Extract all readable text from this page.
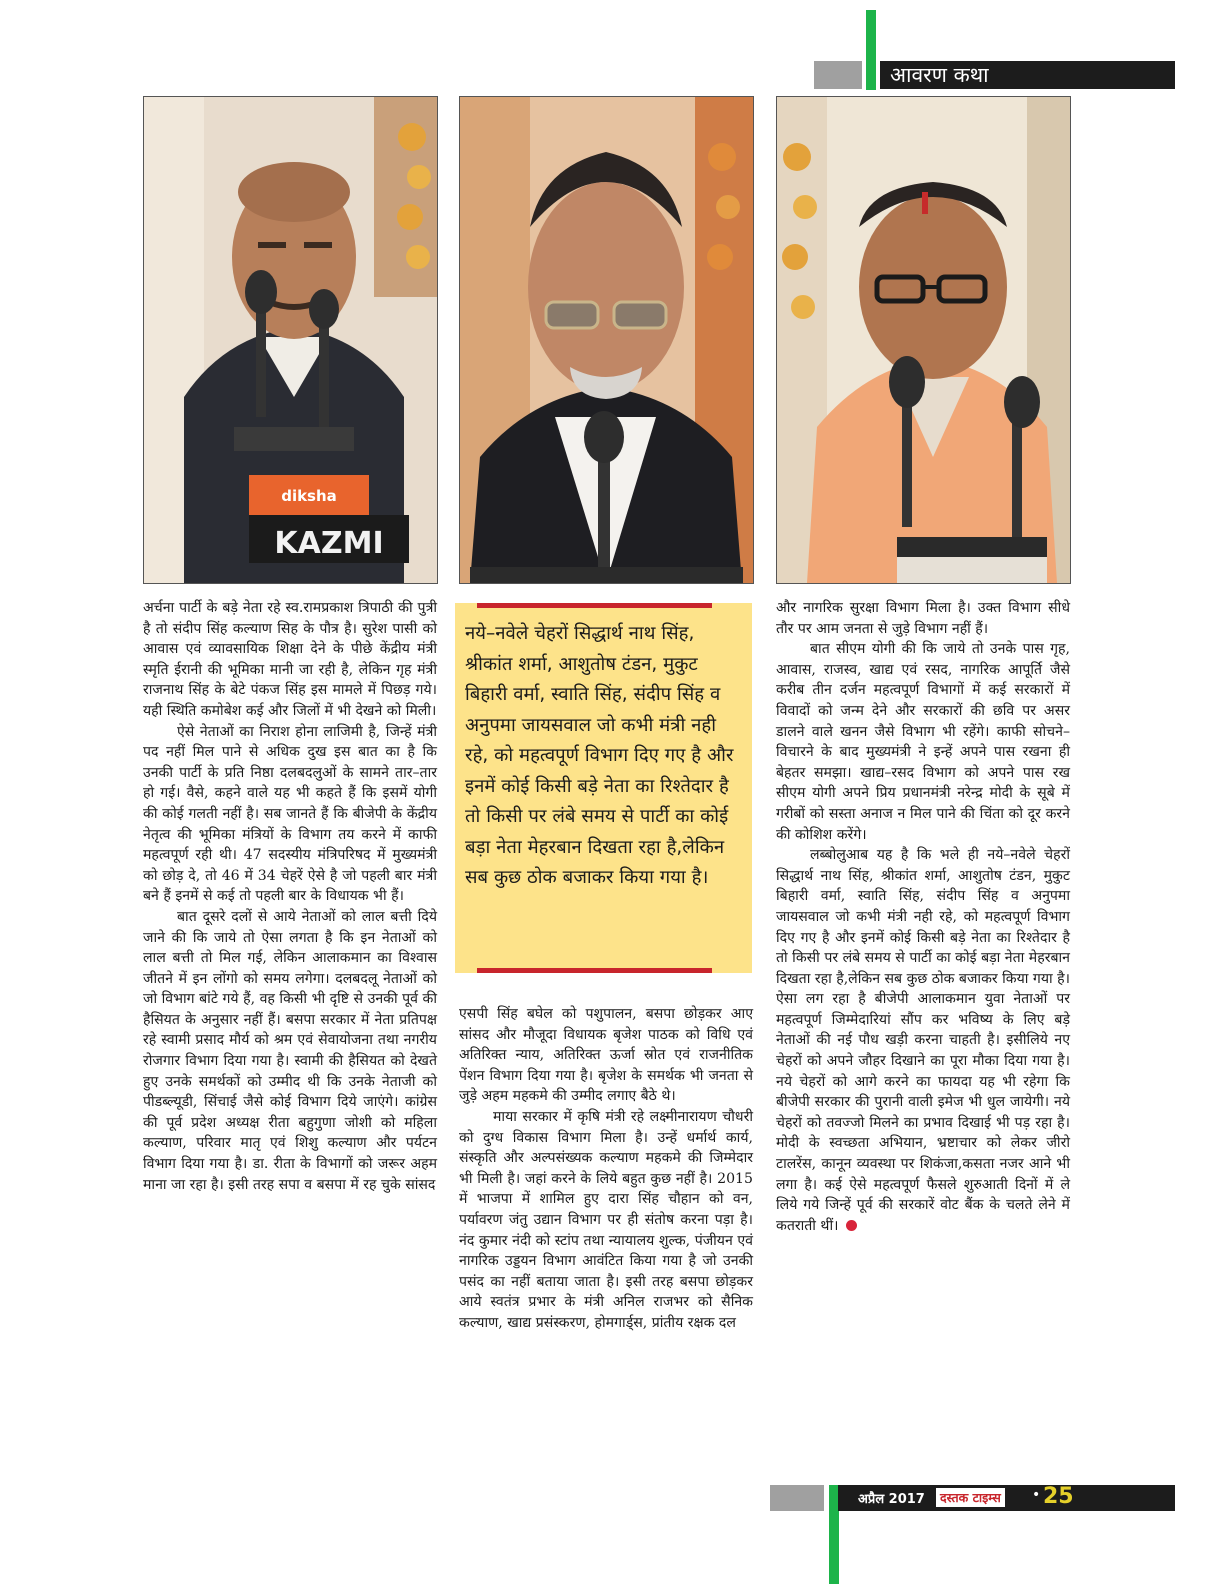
आवरण कथा
diksha
KAZMI

अर्चना पार्टी के बड़े नेता रहे स्व.रामप्रकाश त्रिपाठी की पुत्री है तो संदीप सिंह कल्याण सिह के पौत्र है। सुरेश पासी को आवास एवं व्यावसायिक शिक्षा देने के पीछे केंद्रीय मंत्री स्मृति ईरानी की भूमिका मानी जा रही है, लेकिन गृह मंत्री राजनाथ सिंह के बेटे पंकज सिंह इस मामले में पिछड़ गये। यही स्थिति कमोबेश कई और जिलों में भी देखने को मिली।

ऐसे नेताओं का निराश होना लाजिमी है, जिन्हें मंत्री पद नहीं मिल पाने से अधिक दुख इस बात का है कि उनकी पार्टी के प्रति निष्ठा दलबदलुओं के सामने तार–तार हो गई। वैसे, कहने वाले यह भी कहते हैं कि इसमें योगी की कोई गलती नहीं है। सब जानते हैं कि बीजेपी के केंद्रीय नेतृत्व की भूमिका मंत्रियों के विभाग तय करने में काफी महत्वपूर्ण रही थी। 47 सदस्यीय मंत्रिपरिषद में मुख्यमंत्री को छोड़ दे, तो 46 में 34 चेहरें ऐसे है जो पहली बार मंत्री बने हैं इनमें से कई तो पहली बार के विधायक भी हैं।

बात दूसरे दलों से आये नेताओं को लाल बत्ती दिये जाने की कि जाये तो ऐसा लगता है कि इन नेताओं को लाल बत्ती तो मिल गई, लेकिन आलाकमान का विश्वास जीतने में इन लोंगो को समय लगेगा। दलबदलू नेताओं को जो विभाग बांटे गये हैं, वह किसी भी दृष्टि से उनकी पूर्व की हैसियत के अनुसार नहीं हैं। बसपा सरकार में नेता प्रतिपक्ष रहे स्वामी प्रसाद मौर्य को श्रम एवं सेवायोजना तथा नगरीय रोजगार विभाग दिया गया है। स्वामी की हैसियत को देखते हुए उनके समर्थकों को उम्मीद थी कि उनके नेताजी को पीडब्ल्यूडी, सिंचाई जैसे कोई विभाग दिये जाएंगे। कांग्रेस की पूर्व प्रदेश अध्यक्ष रीता बहुगुणा जोशी को महिला कल्याण, परिवार मातृ एवं शिशु कल्याण और पर्यटन विभाग दिया गया है। डा. रीता के विभागों को जरूर अहम माना जा रहा है। इसी तरह सपा व बसपा में रह चुके सांसद

नये–नवेले चेहरों सिद्धार्थ नाथ सिंह, श्रीकांत शर्मा, आशुतोष टंडन, मुकुट बिहारी वर्मा, स्वाति सिंह, संदीप सिंह व अनुपमा जायसवाल जो कभी मंत्री नही रहे, को महत्वपूर्ण विभाग दिए गए है और इनमें कोई किसी बड़े नेता का रिश्तेदार है तो किसी पर लंबे समय से पार्टी का कोई बड़ा नेता मेहरबान दिखता रहा है,लेकिन सब कुछ ठोक बजाकर किया गया है।

एसपी सिंह बघेल को पशुपालन, बसपा छोड़कर आए सांसद और मौजूदा विधायक बृजेश पाठक को विधि एवं अतिरिक्त न्याय, अतिरिक्त ऊर्जा स्रोत एवं राजनीतिक पेंशन विभाग दिया गया है। बृजेश के समर्थक भी जनता से जुड़े अहम महकमे की उम्मीद लगाए बैठे थे।

माया सरकार में कृषि मंत्री रहे लक्ष्मीनारायण चौधरी को दुग्ध विकास विभाग मिला है। उन्हें धर्मार्थ कार्य, संस्कृति और अल्पसंख्यक कल्याण महकमे की जिम्मेदार भी मिली है। जहां करने के लिये बहुत कुछ नहीं है। 2015 में भाजपा में शामिल हुए दारा सिंह चौहान को वन, पर्यावरण जंतु उद्यान विभाग पर ही संतोष करना पड़ा है। नंद कुमार नंदी को स्टांप तथा न्यायालय शुल्क, पंजीयन एवं नागरिक उड्डयन विभाग आवंटित किया गया है जो उनकी पसंद का नहीं बताया जाता है। इसी तरह बसपा छोड़कर आये स्वतंत्र प्रभार के मंत्री अनिल राजभर को सैनिक कल्याण, खाद्य प्रसंस्करण, होमगार्ड्स, प्रांतीय रक्षक दल

और नागरिक सुरक्षा विभाग मिला है। उक्त विभाग सीधे तौर पर आम जनता से जुड़े विभाग नहीं हैं।

बात सीएम योगी की कि जाये तो उनके पास गृह, आवास, राजस्व, खाद्य एवं रसद, नागरिक आपूर्ति जैसे करीब तीन दर्जन महत्वपूर्ण विभागों में कई सरकारों में विवादों को जन्म देने और सरकारों की छवि पर असर डालने वाले खनन जैसे विभाग भी रहेंगे। काफी सोचने–विचारने के बाद मुख्यमंत्री ने इन्हें अपने पास रखना ही बेहतर समझा। खाद्य–रसद विभाग को अपने पास रख सीएम योगी अपने प्रिय प्रधानमंत्री नरेन्द्र मोदी के सूबे में गरीबों को सस्ता अनाज न मिल पाने की चिंता को दूर करने की कोशिश करेंगे।

लब्बोलुआब यह है कि भले ही नये–नवेले चेहरों सिद्धार्थ नाथ सिंह, श्रीकांत शर्मा, आशुतोष टंडन, मुकुट बिहारी वर्मा, स्वाति सिंह, संदीप सिंह व अनुपमा जायसवाल जो कभी मंत्री नही रहे, को महत्वपूर्ण विभाग दिए गए है और इनमें कोई किसी बड़े नेता का रिश्तेदार है तो किसी पर लंबे समय से पार्टी का कोई बड़ा नेता मेहरबान दिखता रहा है,लेकिन सब कुछ ठोक बजाकर किया गया है। ऐसा लग रहा है बीजेपी आलाकमान युवा नेताओं पर महत्वपूर्ण जिम्मेदारियां सौंप कर भविष्य के लिए बड़े नेताओं की नई पौध खड़ी करना चाहती है। इसीलिये नए चेहरों को अपने जौहर दिखाने का पूरा मौका दिया गया है। नये चेहरों को आगे करने का फायदा यह भी रहेगा कि बीजेपी सरकार की पुरानी वाली इमेज भी धुल जायेगी। नये चेहरों को तवज्जो मिलने का प्रभाव दिखाई भी पड़ रहा है। मोदी के स्वच्छता अभियान, भ्रष्टाचार को लेकर जीरो टालरेंस, कानून व्यवस्था पर शिकंजा,कसता नजर आने भी लगा है। कई ऐसे महत्वपूर्ण फैसले शुरुआती दिनों में ले लिये गये जिन्हें पूर्व की सरकारें वोट बैंक के चलते लेने में कतराती थीं।

अप्रैल 2017	दस्तक टाइम्स • 25
